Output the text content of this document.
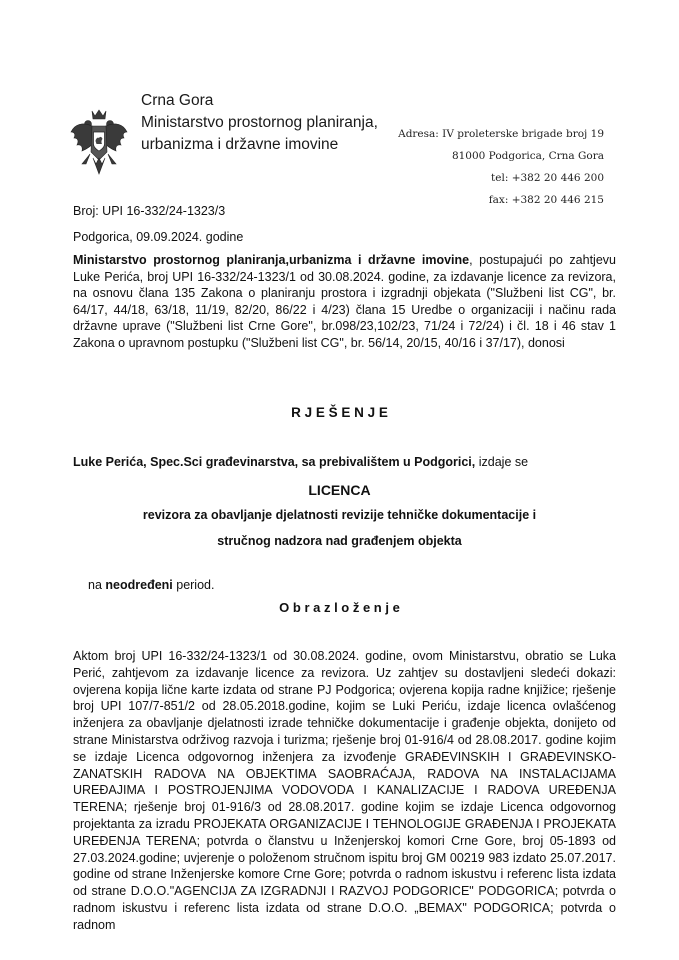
Crna Gora
Ministarstvo prostornog planiranja,
urbanizma i državne imovine
Adresa: IV proleterske brigade broj 19
81000 Podgorica, Crna Gora
tel: +382 20 446 200
fax: +382 20 446 215
Broj: UPI 16-332/24-1323/3
Podgorica, 09.09.2024. godine
Ministarstvo prostornog planiranja,urbanizma i državne imovine, postupajući po zahtjevu Luke Perića, broj UPI 16-332/24-1323/1 od 30.08.2024. godine, za izdavanje licence za revizora, na osnovu člana 135 Zakona o planiranju prostora i izgradnji objekata ("Službeni list CG", br. 64/17, 44/18, 63/18, 11/19, 82/20, 86/22 i 4/23) člana 15 Uredbe o organizaciji i načinu rada državne uprave ("Službeni list Crne Gore", br.098/23,102/23, 71/24 i 72/24) i čl. 18 i 46 stav 1 Zakona o upravnom postupku ("Službeni list CG", br. 56/14, 20/15, 40/16 i 37/17), donosi
R J E Š E N J E
Luke Perića, Spec.Sci građevinarstva, sa prebivalištem u Podgorici, izdaje se
LICENCA
revizora za obavljanje djelatnosti revizije tehničke dokumentacije i
stručnog nadzora nad građenjem objekta
na neodređeni period.
O b r a z l o ž e n j e
Aktom broj UPI 16-332/24-1323/1 od 30.08.2024. godine, ovom Ministarstvu, obratio se Luka Perić, zahtjevom za izdavanje licence za revizora. Uz zahtjev su dostavljeni sledeći dokazi: ovjerena kopija lične karte izdata od strane PJ Podgorica; ovjerena kopija radne knjižice; rješenje broj UPI 107/7-851/2 od 28.05.2018.godine, kojim se Luki Periću, izdaje licenca ovlašćenog inženjera za obavljanje djelatnosti izrade tehničke dokumentacije i građenje objekta, donijeto od strane Ministarstva održivog razvoja i turizma; rješenje broj 01-916/4 od 28.08.2017. godine kojim se izdaje Licenca odgovornog inženjera za izvođenje GRAĐEVINSKIH I GRAĐEVINSKO-ZANATSKIH RADOVA NA OBJEKTIMA SAOBRAĆAJA, RADOVA NA INSTALACIJAMA UREĐAJIMA I POSTROJENJIMA VODOVODA I KANALIZACIJE I RADOVA UREĐENJA TERENA; rješenje broj 01-916/3 od 28.08.2017. godine kojim se izdaje Licenca odgovornog projektanta za izradu PROJEKATA ORGANIZACIJE I TEHNOLOGIJE GRAĐENJA I PROJEKATA UREĐENJA TERENA; potvrda o članstvu u Inženjerskoj komori Crne Gore, broj 05-1893 od 27.03.2024.godine; uvjerenje o položenom stručnom ispitu broj GM 00219 983 izdato 25.07.2017. godine od strane Inženjerske komore Crne Gore; potvrda o radnom iskustvu i referenc lista izdata od strane D.O.O."AGENCIJA ZA IZGRADNJI I RAZVOJ PODGORICE" PODGORICA; potvrda o radnom iskustvu i referenc lista izdata od strane D.O.O. „BEMAX" PODGORICA; potvrda o radnom
